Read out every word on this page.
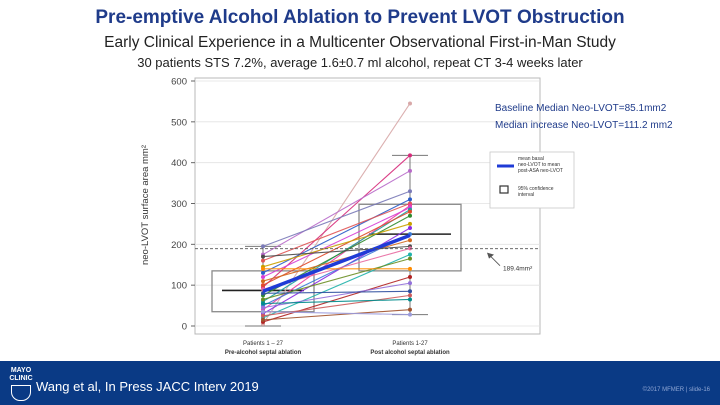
Pre-emptive Alcohol Ablation to Prevent LVOT Obstruction
Early Clinical Experience in a Multicenter Observational First-in-Man Study
30 patients STS 7.2%, average 1.6±0.7 ml alcohol, repeat CT 3-4 weeks later
0
100
200
300
400
500
600
neo-LVOT surface area mm²
189.4mm²
mean basal neo-LVOT to mean post-ASA neo-LVOT
95% confidence interval
Patients 1 – 27
Pre-alcohol septal ablation
Patients 1-27
Post alcohol septal ablation
Baseline Median Neo-LVOT=85.1mm2
Median increase Neo-LVOT=111.2 mm2
MAYO CLINIC
Wang et al, In Press JACC Interv 2019	©2017 MFMER | slide-16
